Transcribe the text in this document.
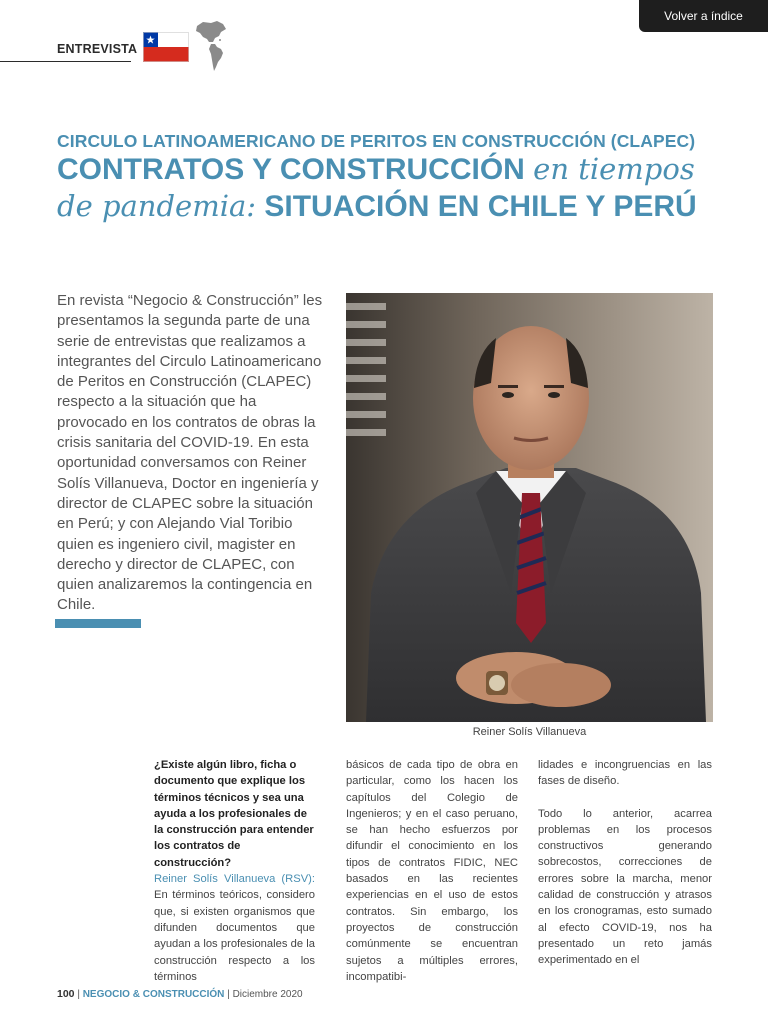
Volver a índice
ENTREVISTA
CIRCULO LATINOAMERICANO DE PERITOS EN CONSTRUCCIÓN (CLAPEC)
CONTRATOS Y CONSTRUCCIÓN en tiempos de pandemia: SITUACIÓN EN CHILE Y PERÚ
En revista “Negocio & Construcción” les presentamos la segunda parte de una serie de entrevistas que realizamos a integrantes del Circulo Latinoamericano de Peritos en Construcción (CLAPEC) respecto a la situación que ha provocado en los contratos de obras la crisis sanitaria del COVID-19. En esta oportunidad conversamos con Reiner Solís Villanueva, Doctor en ingeniería y director de CLAPEC sobre la situación en Perú; y con Alejando Vial Toribio quien es ingeniero civil, magister en derecho y director de CLAPEC, con quien analizaremos la contingencia en Chile.
Reiner Solís Villanueva
¿Existe algún libro, ficha o documento que explique los términos técnicos y sea una ayuda a los profesionales de la construcción para entender los contratos de construcción?
Reiner Solís Villanueva (RSV): En términos teóricos, considero que, si existen organismos que difunden documentos que ayudan a los profesionales de la construcción respecto a los términos

básicos de cada tipo de obra en particular, como los hacen los capítulos del Colegio de Ingenieros; y en el caso peruano, se han hecho esfuerzos por difundir el conocimiento en los tipos de contratos FIDIC, NEC basados en las recientes experiencias en el uso de estos contratos. Sin embargo, los proyectos de construcción comúnmente se encuentran sujetos a múltiples errores, incompatibi-

lidades e incongruencias en las fases de diseño.

Todo lo anterior, acarrea problemas en los procesos constructivos generando sobrecostos, correcciones de errores sobre la marcha, menor calidad de construcción y atrasos en los cronogramas, esto sumado al efecto COVID-19, nos ha presentado un reto jamás experimentado en el

100 | NEGOCIO & CONSTRUCCIÓN | Diciembre 2020
